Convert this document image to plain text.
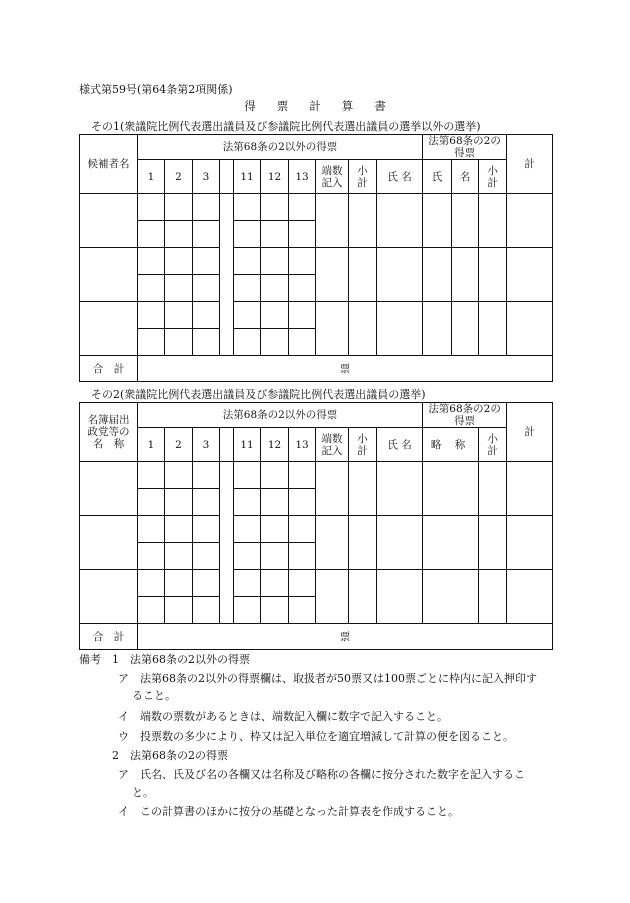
様式第59号(第64条第2項関係)
得票計算書
その1(衆議院比例代表選出議員及び参議院比例代表選出議員の選挙以外の選挙)
候補者名	法第68条の2以外の得票										法第68条の2の得票			計
	1	2	3		11	12	13	端数記入	小計	氏 名	氏	名	小計	

合　計	票													
その2(衆議院比例代表選出議員及び参議院比例代表選出議員の選挙)
名簿届出
政党等の
名　称	法第68条の2以外の得票										法第68条の2の得票		計
	1	2	3		11	12	13	端数記入	小計	氏 名	略 称	小計	

合　計	票												
備考　1　法第68条の2以外の得票
ア　法第68条の2以外の得票欄は、取扱者が50票又は100票ごとに枠内に記入押印す
ること。
イ　端数の票数があるときは、端数記入欄に数字で記入すること。
ウ　投票数の多少により、枠又は記入単位を適宜増減して計算の便を図ること。
2　法第68条の2の得票
ア　氏名、氏及び名の各欄又は名称及び略称の各欄に按分された数字を記入するこ
と。
イ　この計算書のほかに按分の基礎となった計算表を作成すること。
